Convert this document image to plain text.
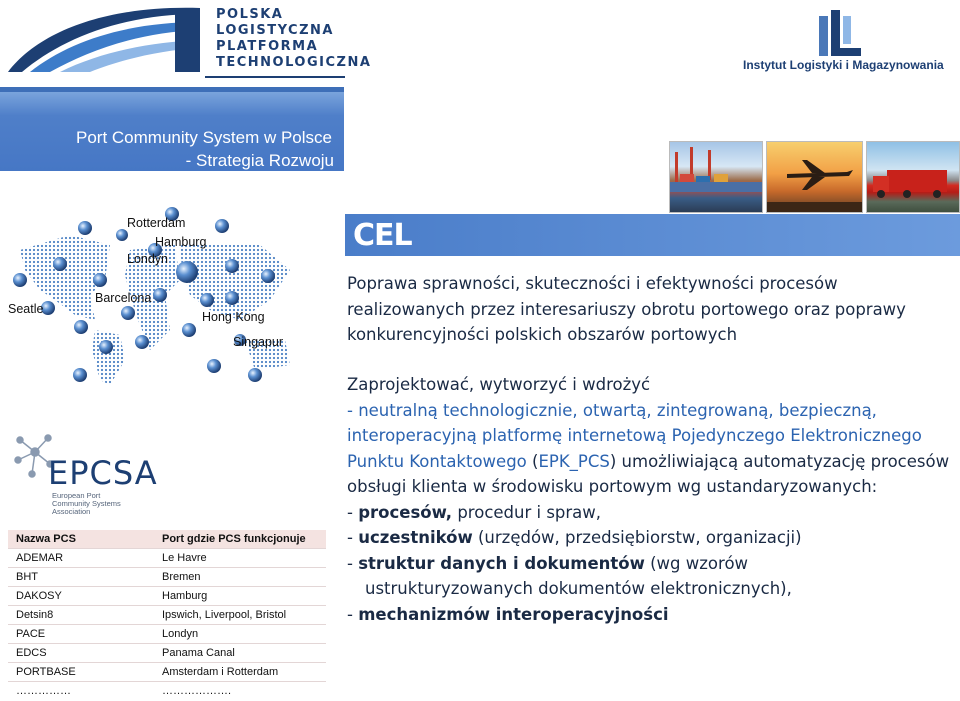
POLSKA
LOGISTYCZNA
PLATFORMA
TECHNOLOGICZNA	Instytut Logistyki i Magazynowania
Port Community System w Polsce
- Strategia Rozwoju
CEL
Poprawa sprawności, skuteczności i efektywności procesów realizowanych przez interesariuszy obrotu portowego oraz poprawy konkurencyjności polskich obszarów portowych
Zaprojektować, wytworzyć i wdrożyć
- neutralną technologicznie, otwartą, zintegrowaną, bezpieczną, interoperacyjną platformę internetową Pojedynczego Elektronicznego Punktu Kontaktowego (EPK_PCS) umożliwiającą automatyzację procesów obsługi klienta w środowisku portowym wg ustandaryzowanych:
- procesów, procedur i spraw,
- uczestników (urzędów, przedsiębiorstw, organizacji)
- struktur danych i dokumentów (wg wzorów
ustrukturyzowanych dokumentów elektronicznych),
- mechanizmów interoperacyjności
Rotterdam
Hamburg
Londyn
Seatle
Barcelona
Hong Kong
Singapur
EPCSA
European Port
Community Systems
Association
Nazwa PCS	Port gdzie PCS funkcjonuje
ADEMAR	Le Havre
BHT	Bremen
DAKOSY	Hamburg
Detsin8	Ipswich, Liverpool, Bristol
PACE	Londyn
EDCS	Panama Canal
PORTBASE	Amsterdam i Rotterdam
……………	……………….
